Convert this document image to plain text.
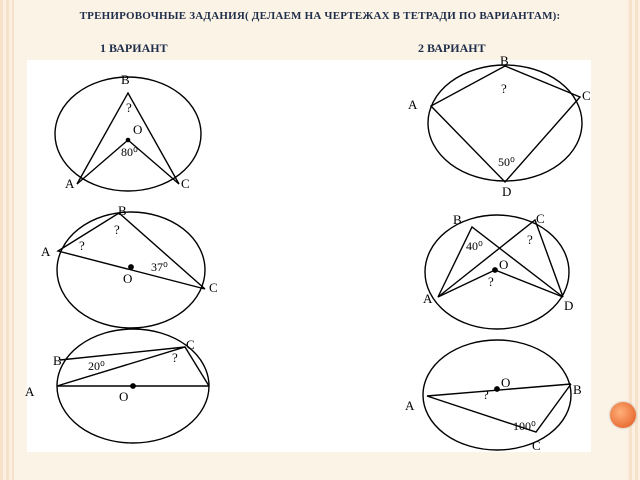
ТРЕНИРОВОЧНЫЕ ЗАДАНИЯ( ДЕЛАЕМ НА ЧЕРТЕЖАХ В ТЕТРАДИ ПО ВАРИАНТАМ):
1 ВАРИАНТ	2 ВАРИАНТ
B
?
O
80⁰
A	C
B
?	C
A
50⁰
D
B
?
?
A
37⁰
O
C
B	C
40⁰	?
O
?
A	D
C
?
B 20⁰
A	O
O	B
?
A
100⁰
C
